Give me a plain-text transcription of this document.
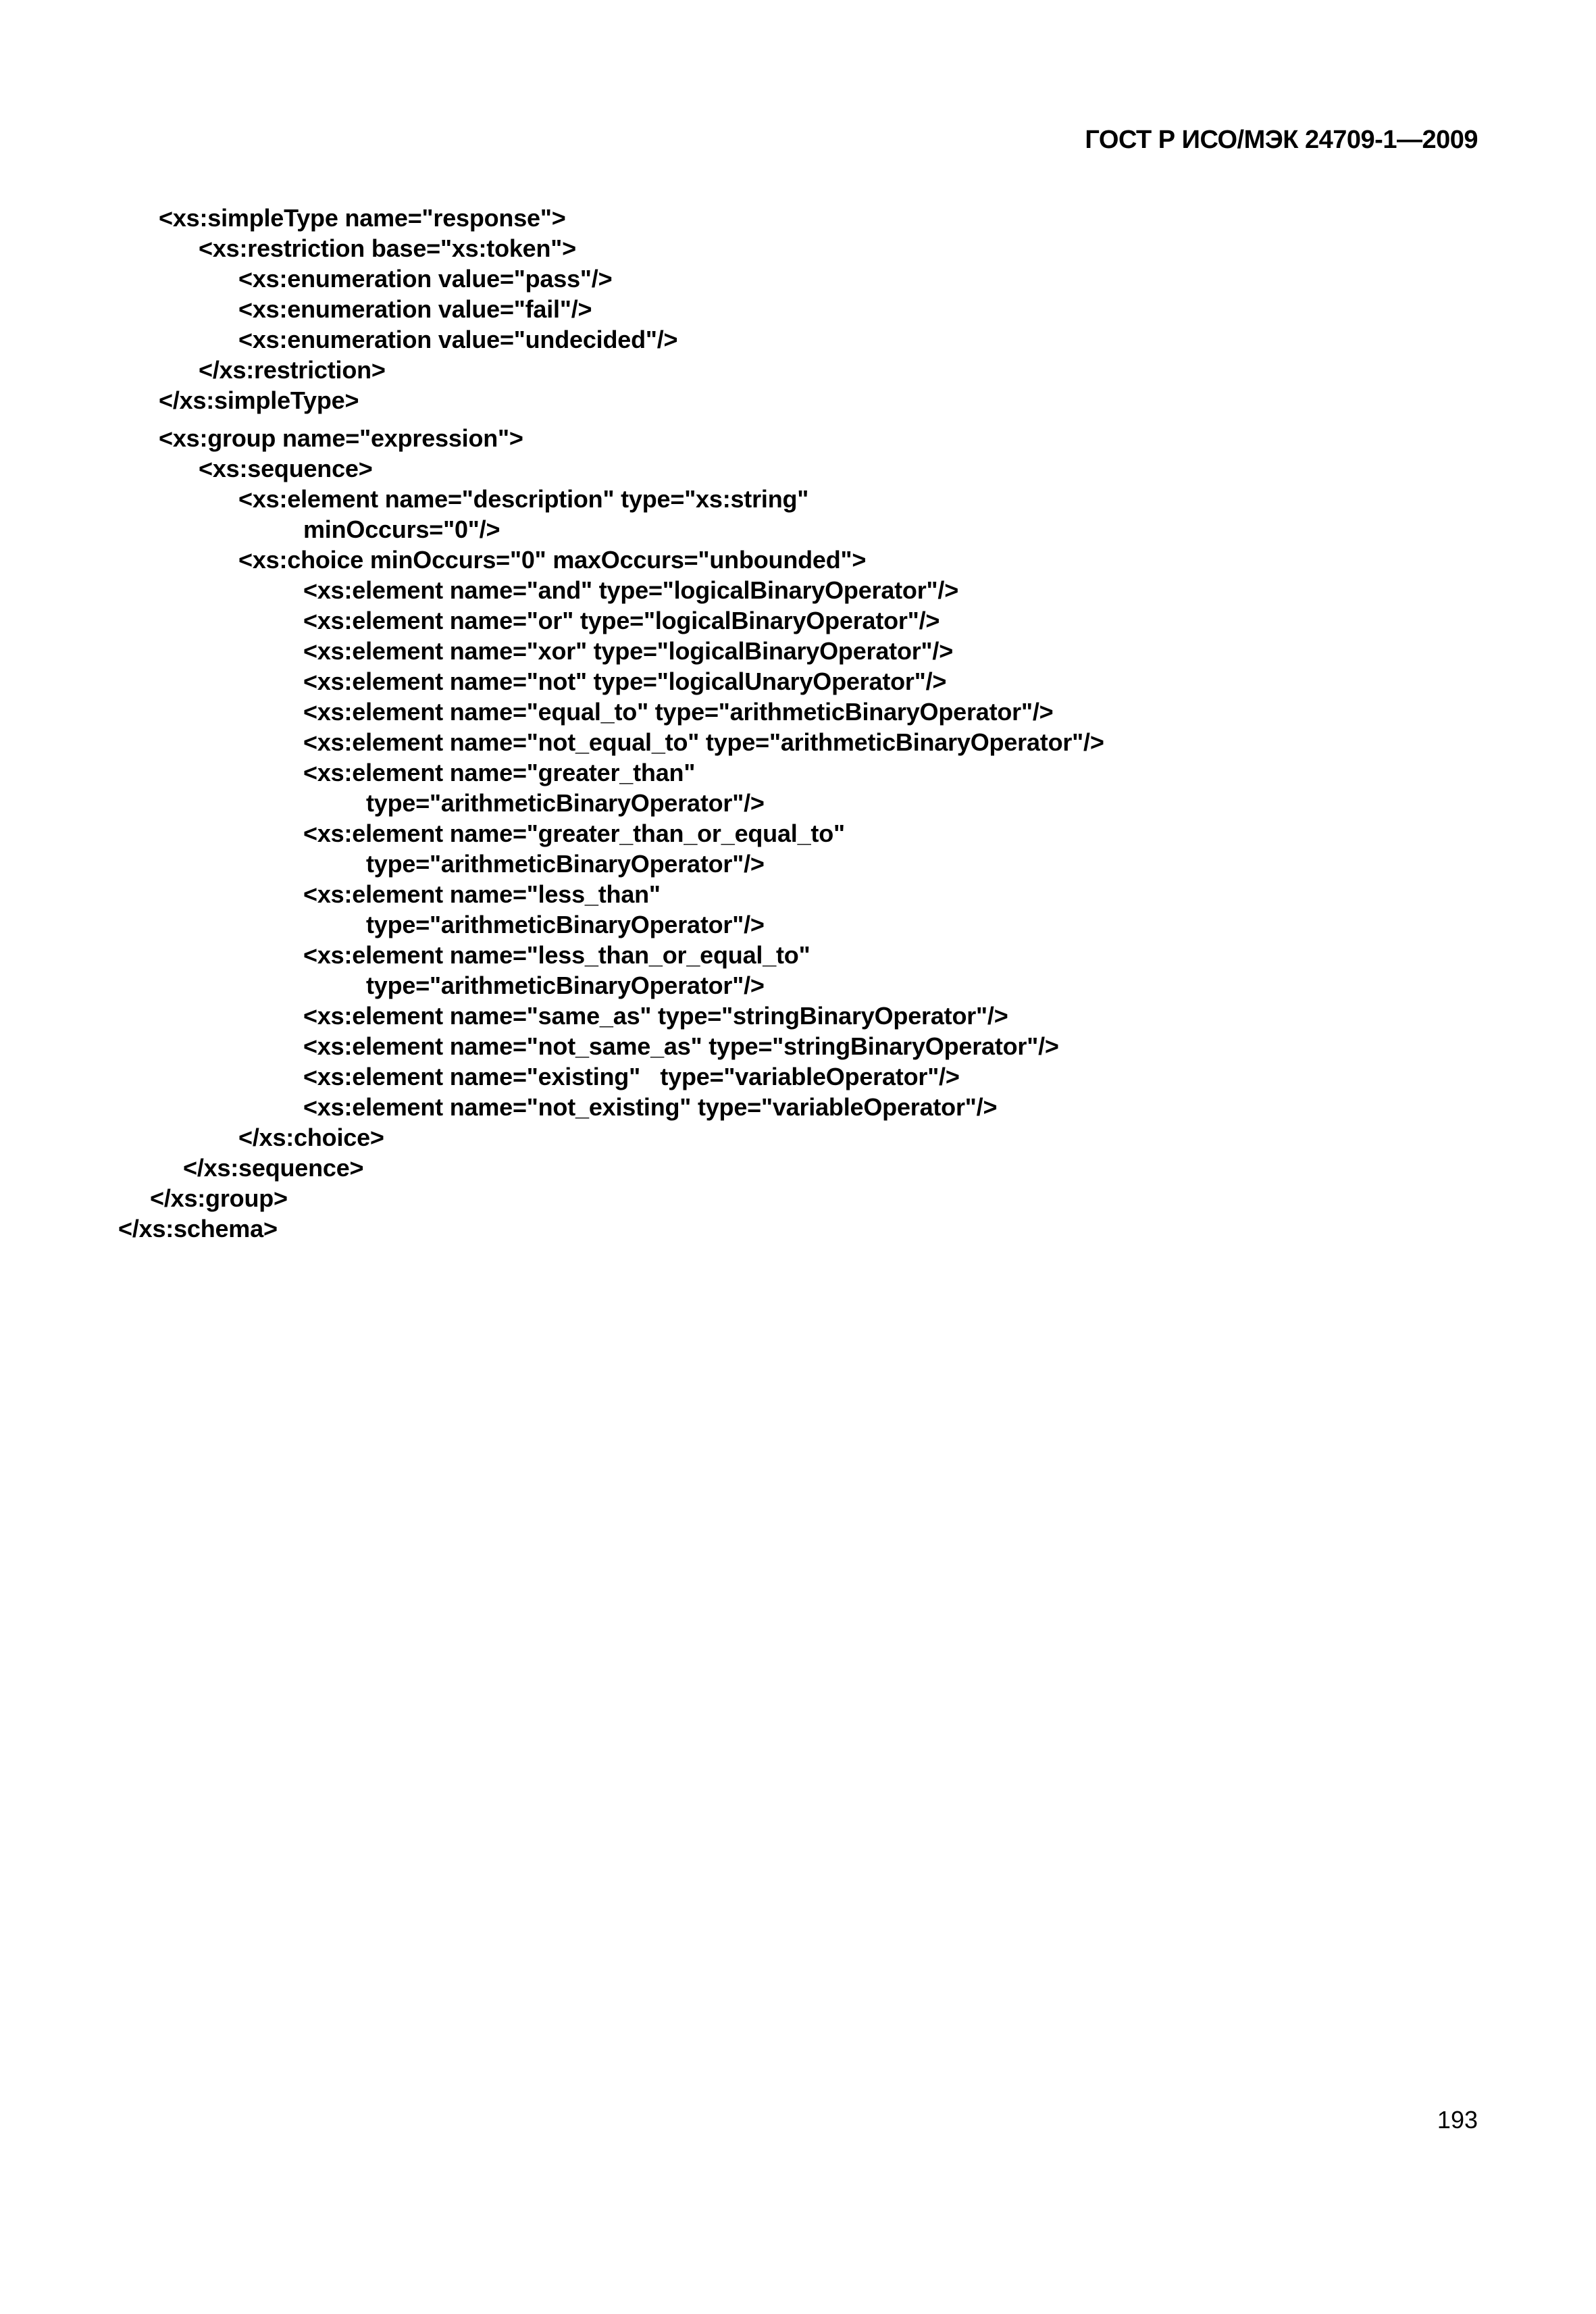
ГОСТ Р ИСО/МЭК 24709-1—2009
<xs:simpleType name="response">
<xs:restriction base="xs:token">
<xs:enumeration value="pass"/>
<xs:enumeration value="fail"/>
<xs:enumeration value="undecided"/>
</xs:restriction>
</xs:simpleType>
<xs:group name="expression">
<xs:sequence>
<xs:element name="description" type="xs:string"
minOccurs="0"/>
<xs:choice minOccurs="0" maxOccurs="unbounded">
<xs:element name="and" type="logicalBinaryOperator"/>
<xs:element name="or" type="logicalBinaryOperator"/>
<xs:element name="xor" type="logicalBinaryOperator"/>
<xs:element name="not" type="logicalUnaryOperator"/>
<xs:element name="equal_to" type="arithmeticBinaryOperator"/>
<xs:element name="not_equal_to" type="arithmeticBinaryOperator"/>
<xs:element name="greater_than"
type="arithmeticBinaryOperator"/>
<xs:element name="greater_than_or_equal_to"
type="arithmeticBinaryOperator"/>
<xs:element name="less_than"
type="arithmeticBinaryOperator"/>
<xs:element name="less_than_or_equal_to"
type="arithmeticBinaryOperator"/>
<xs:element name="same_as" type="stringBinaryOperator"/>
<xs:element name="not_same_as" type="stringBinaryOperator"/>
<xs:element name="existing"   type="variableOperator"/>
<xs:element name="not_existing" type="variableOperator"/>
</xs:choice>
</xs:sequence>
</xs:group>
</xs:schema>
193
